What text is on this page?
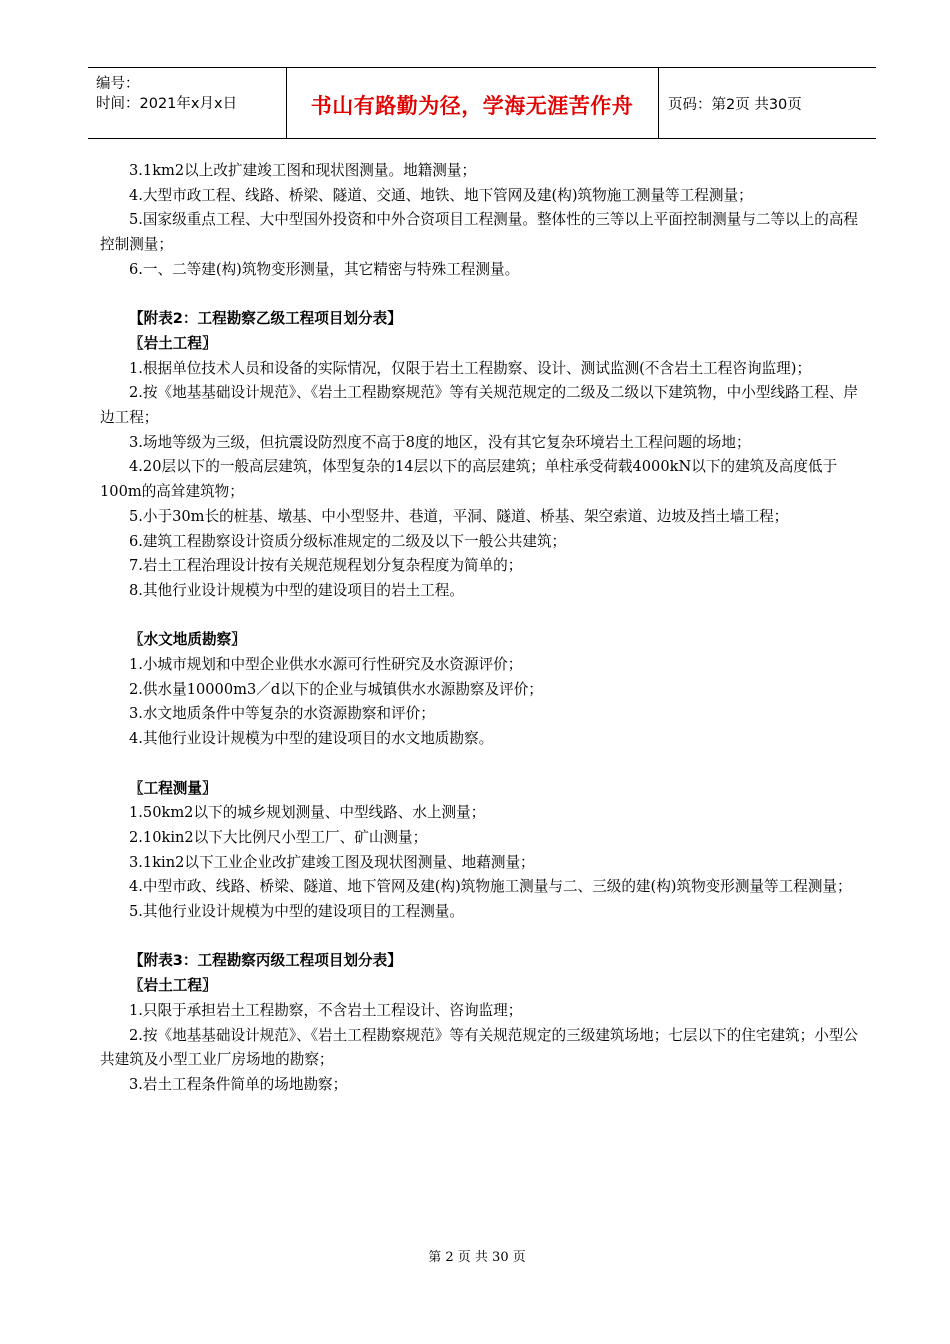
编号：
时间：2021年x月x日	书山有路勤为径，学海无涯苦作舟	页码：第2页 共30页

3.1km2以上改扩建竣工图和现状图测量。地籍测量；

4.大型市政工程、线路、桥梁、隧道、交通、地铁、地下管网及建(构)筑物施工测量等工程测量；

5.国家级重点工程、大中型国外投资和中外合资项目工程测量。整体性的三等以上平面控制测量与二等以上的高程控制测量；

6.一、二等建(构)筑物变形测量，其它精密与特殊工程测量。

【附表2：工程勘察乙级工程项目划分表】

〖岩土工程〗

1.根据单位技术人员和设备的实际情况，仅限于岩土工程勘察、设计、测试监测(不含岩土工程咨询监理)；

2.按《地基基础设计规范》、《岩土工程勘察规范》等有关规范规定的二级及二级以下建筑物，中小型线路工程、岸边工程；

3.场地等级为三级，但抗震设防烈度不高于8度的地区，没有其它复杂环境岩土工程问题的场地；

4.20层以下的一般高层建筑，体型复杂的14层以下的高层建筑；单柱承受荷载4000kN以下的建筑及高度低于100m的高耸建筑物；

5.小于30m长的桩基、墩基、中小型竖井、巷道，平洞、隧道、桥基、架空索道、边坡及挡土墙工程；

6.建筑工程勘察设计资质分级标准规定的二级及以下一般公共建筑；

7.岩土工程治理设计按有关规范规程划分复杂程度为简单的；

8.其他行业设计规模为中型的建设项目的岩土工程。

〖水文地质勘察〗

1.小城市规划和中型企业供水水源可行性研究及水资源评价；

2.供水量10000m3／d以下的企业与城镇供水水源勘察及评价；

3.水文地质条件中等复杂的水资源勘察和评价；

4.其他行业设计规模为中型的建设项目的水文地质勘察。

〖工程测量〗

1.50km2以下的城乡规划测量、中型线路、水上测量；

2.10kin2以下大比例尺小型工厂、矿山测量；

3.1kin2以下工业企业改扩建竣工图及现状图测量、地藉测量；

4.中型市政、线路、桥梁、隧道、地下管网及建(构)筑物施工测量与二、三级的建(构)筑物变形测量等工程测量；

5.其他行业设计规模为中型的建设项目的工程测量。

【附表3：工程勘察丙级工程项目划分表】

〖岩土工程〗

1.只限于承担岩土工程勘察，不含岩土工程设计、咨询监理；

2.按《地基基础设计规范》、《岩土工程勘察规范》等有关规范规定的三级建筑场地；七层以下的住宅建筑；小型公共建筑及小型工业厂房场地的勘察；

3.岩土工程条件简单的场地勘察；

第 2 页 共 30 页
